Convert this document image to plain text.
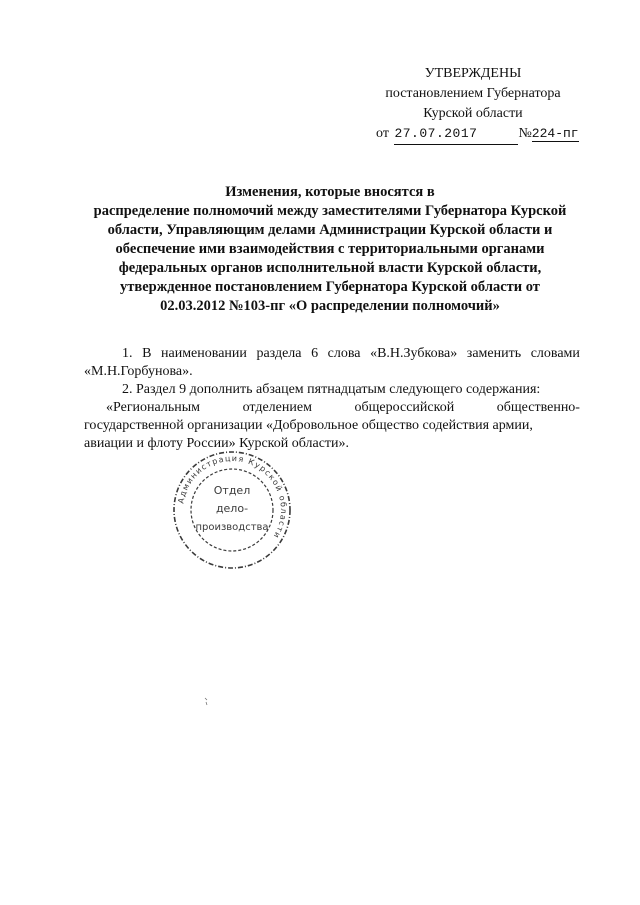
УТВЕРЖДЕНЫ
постановлением Губернатора
Курской области
от 27.07.2017	№224-пг
Изменения, которые вносятся в
распределение полномочий между заместителями Губернатора Курской
области, Управляющим делами Администрации Курской области и
обеспечение ими взаимодействия с территориальными органами
федеральных органов исполнительной власти Курской области,
утвержденное постановлением Губернатора Курской области от
02.03.2012 №103-пг «О распределении полномочий»
1. В наименовании раздела 6 слова «В.Н.Зубкова» заменить словами
«М.Н.Горбунова».
2. Раздел 9 дополнить абзацем пятнадцатым следующего содержания:
«Региональным	отделением	общероссийской	общественно-
государственной организации «Добровольное общество содействия армии,
авиации и флоту России» Курской области».
Администрация Курской области
Отдел
дело-
производства
